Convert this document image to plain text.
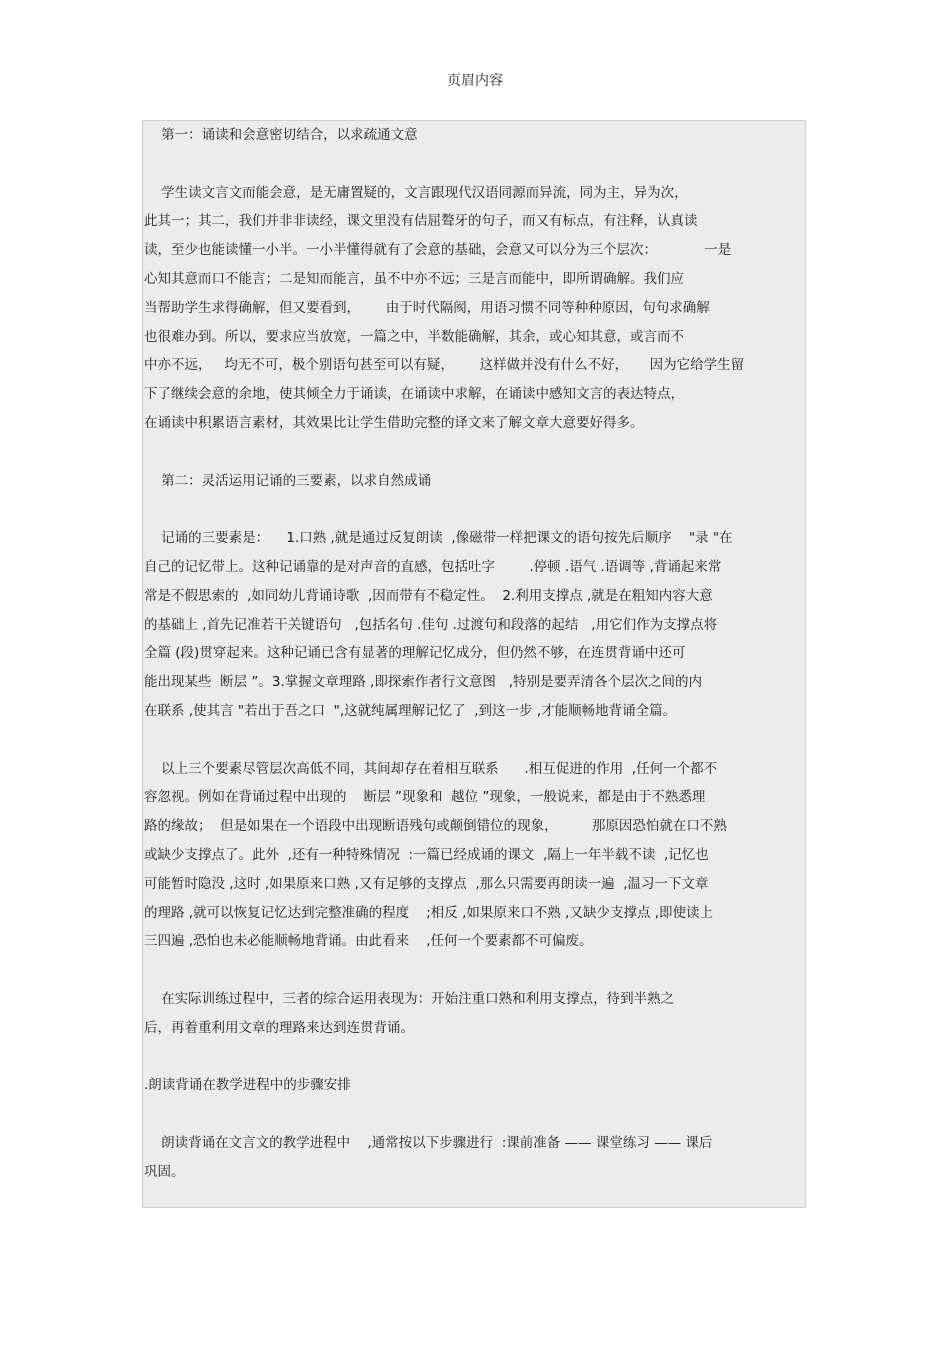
页眉内容
第一：诵读和会意密切结合，以求疏通文意
学生读文言文而能会意，是无庸置疑的，文言跟现代汉语同源而异流，同为主，异为次，
此其一；其二，我们并非非读经，课文里没有佶屈聱牙的句子，而又有标点，有注释，认真读
读，至少也能读懂一小半。一小半懂得就有了会意的基础，会意又可以分为三个层次：           一是
心知其意而口不能言；二是知而能言，虽不中亦不远；三是言而能中，即所谓确解。我们应
当帮助学生求得确解，但又要看到，      由于时代隔阂，用语习惯不同等种种原因，句句求确解
也很难办到。所以，要求应当放宽，一篇之中，半数能确解，其余，或心知其意，或言而不
中亦不远，   均无不可，极个别语句甚至可以有疑，      这样做并没有什么不好，     因为它给学生留
下了继续会意的余地，使其倾全力于诵读，在诵读中求解，在诵读中感知文言的表达特点，
在诵读中积累语言素材，其效果比让学生借助完整的译文来了解文章大意要好得多。
第二：灵活运用记诵的三要素，以求自然成诵
记诵的三要素是：    1.口熟 ,就是通过反复朗读  ,像磁带一样把课文的语句按先后顺序    "录 "在
自己的记忆带上。这种记诵靠的是对声音的直感，包括吐字        .停顿 .语气 .语调等 ,背诵起来常
常是不假思索的  ,如同幼儿背诵诗歌  ,因而带有不稳定性。  2.利用支撑点 ,就是在粗知内容大意
的基础上 ,首先记准若干关键语句   ,包括名句 .佳句 .过渡句和段落的起结   ,用它们作为支撑点将
全篇 (段)贯穿起来。这种记诵已含有显著的理解记忆成分，但仍然不够，在连贯背诵中还可
能出现某些  断层 ”。3.掌握文章理路 ,即探索作者行文意图   ,特别是要弄清各个层次之间的内
在联系 ,使其言 "若出于吾之口  ",这就纯属理解记忆了  ,到这一步 ,才能顺畅地背诵全篇。
以上三个要素尽管层次高低不同，其间却存在着相互联系      .相互促进的作用  ,任何一个都不
容忽视。例如在背诵过程中出现的    断层 ”现象和  越位 ”现象，一般说来，都是由于不熟悉理
路的缘故；  但是如果在一个语段中出现断语残句或颠倒错位的现象，        那原因恐怕就在口不熟
或缺少支撑点了。此外  ,还有一种特殊情况  :一篇已经成诵的课文  ,隔上一年半载不读  ,记忆也
可能暂时隐没 ,这时 ,如果原来口熟 ,又有足够的支撑点  ,那么只需要再朗读一遍  ,温习一下文章
的理路 ,就可以恢复记忆达到完整准确的程度    ;相反 ,如果原来口不熟 ,又缺少支撑点 ,即使读上
三四遍 ,恐怕也未必能顺畅地背诵。由此看来    ,任何一个要素都不可偏废。
在实际训练过程中，三者的综合运用表现为：开始注重口熟和利用支撑点，待到半熟之
后，再着重利用文章的理路来达到连贯背诵。
.朗读背诵在教学进程中的步骤安排
朗读背诵在文言文的教学进程中    ,通常按以下步骤进行  :课前准备 —— 课堂练习 —— 课后
巩固。
